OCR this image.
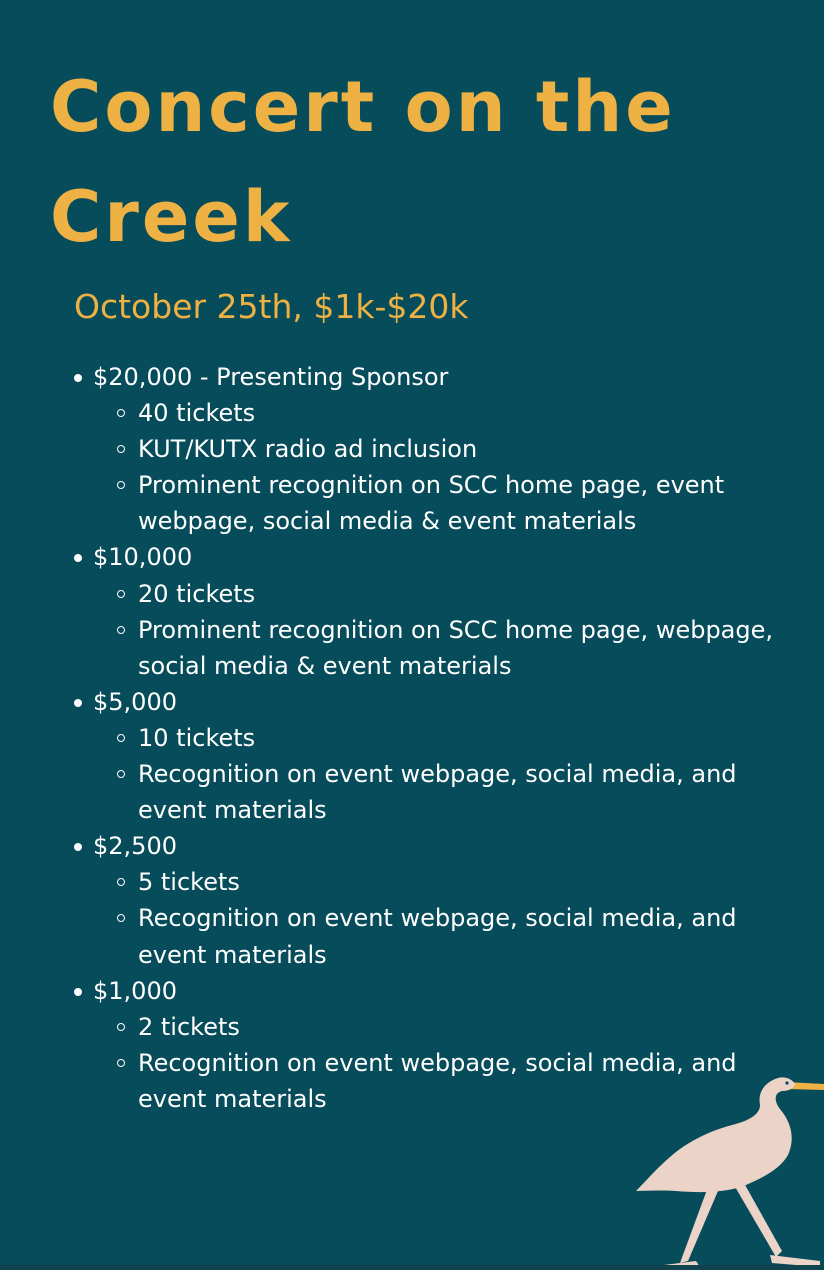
Concert on the Creek
October 25th, $1k-$20k
$20,000 - Presenting Sponsor
40 tickets
KUT/KUTX radio ad inclusion
Prominent recognition on SCC home page, event webpage, social media & event materials
$10,000
20 tickets
Prominent recognition on SCC home page, webpage, social media & event materials
$5,000
10 tickets
Recognition on event webpage, social media, and event materials
$2,500
5 tickets
Recognition on event webpage, social media, and event materials
$1,000
2 tickets
Recognition on event webpage, social media, and event materials
